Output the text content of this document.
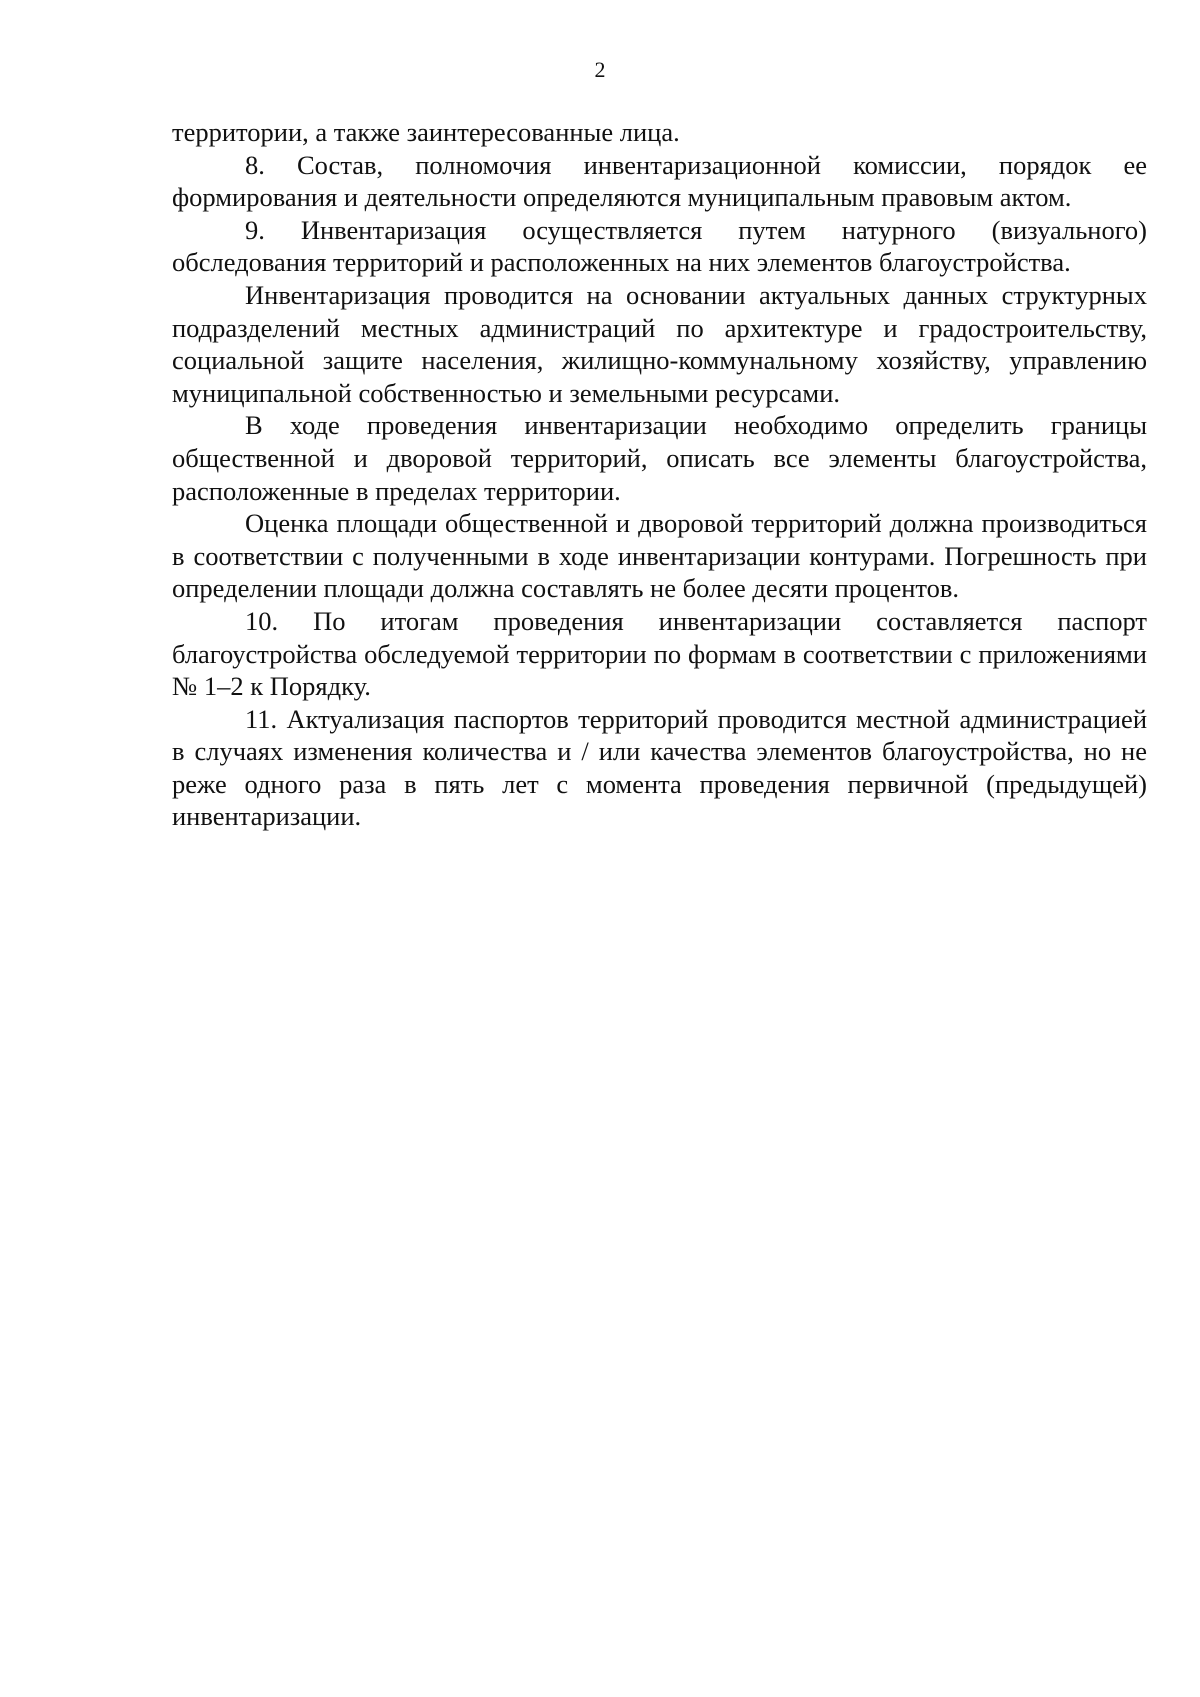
2

территории, а также заинтересованные лица.

8. Состав, полномочия инвентаризационной комиссии, порядок ее формирования и деятельности определяются муниципальным правовым актом.

9. Инвентаризация осуществляется путем натурного (визуального) обследования территорий и расположенных на них элементов благоустройства.

Инвентаризация проводится на основании актуальных данных структурных подразделений местных администраций по архитектуре и градостроительству, социальной защите населения, жилищно-коммунальному хозяйству, управлению муниципальной собственностью и земельными ресурсами.

В ходе проведения инвентаризации необходимо определить границы общественной и дворовой территорий, описать все элементы благоустройства, расположенные в пределах территории.

Оценка площади общественной и дворовой территорий должна производиться в соответствии с полученными в ходе инвентаризации контурами. Погрешность при определении площади должна составлять не более десяти процентов.

10. По итогам проведения инвентаризации составляется паспорт благоустройства обследуемой территории по формам в соответствии с приложениями № 1–2 к Порядку.

11. Актуализация паспортов территорий проводится местной администрацией в случаях изменения количества и / или качества элементов благоустройства, но не реже одного раза в пять лет с момента проведения первичной (предыдущей) инвентаризации.
